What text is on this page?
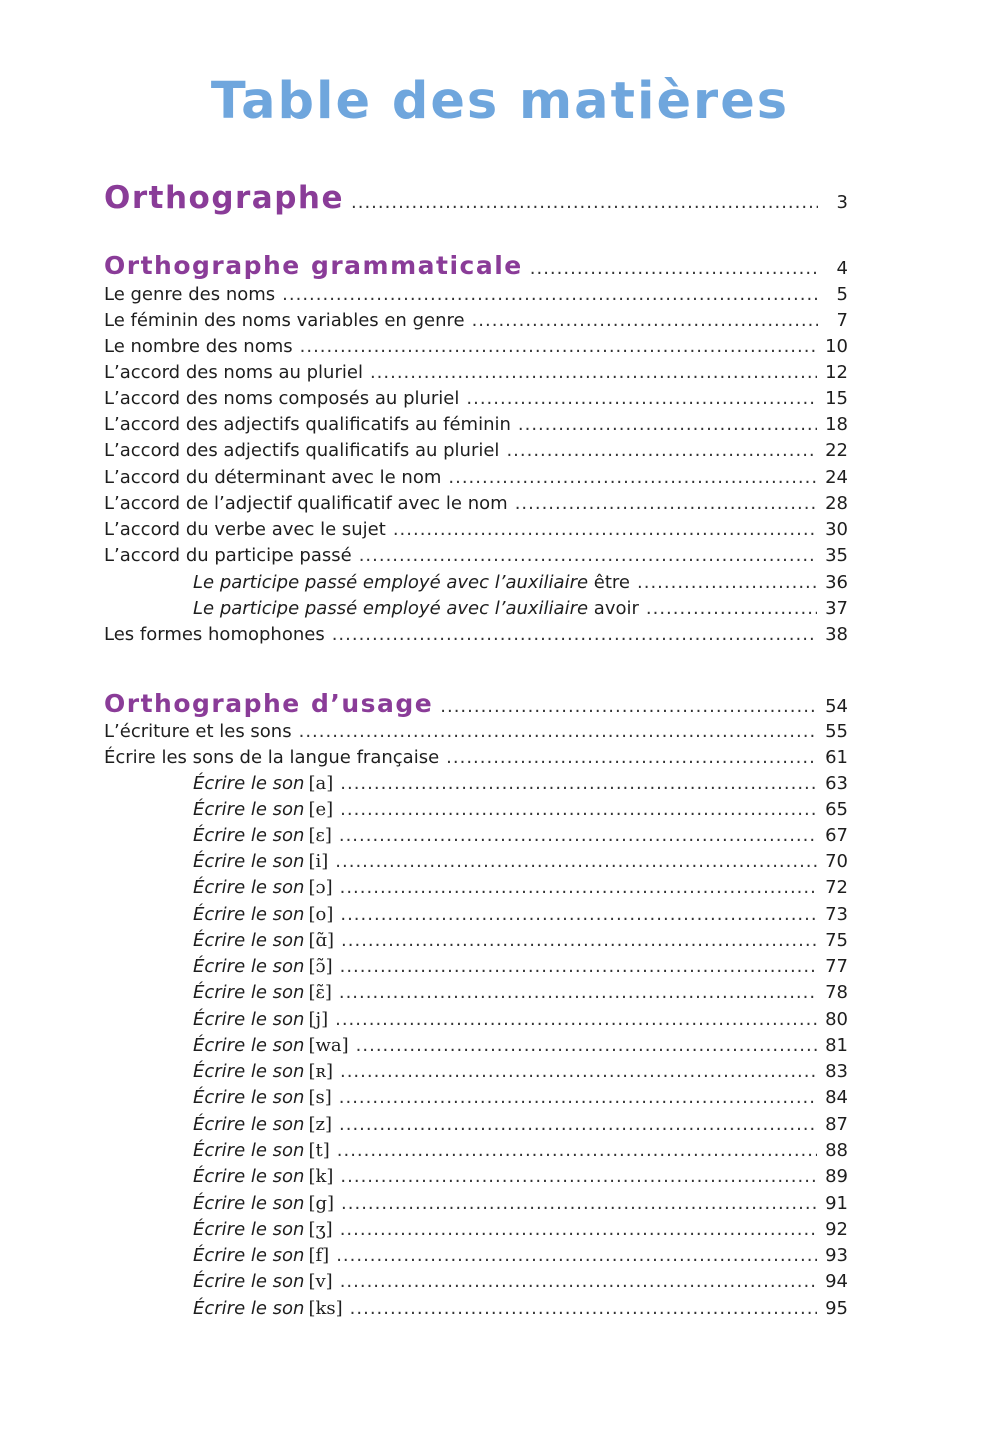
Table des matières
Orthographe .....	3
Orthographe grammaticale .....	4
Le genre des noms .....	5
Le féminin des noms variables en genre .....	7
Le nombre des noms .....	10
L’accord des noms au pluriel .....	12
L’accord des noms composés au pluriel .....	15
L’accord des adjectifs qualificatifs au féminin .....	18
L’accord des adjectifs qualificatifs au pluriel .....	22
L’accord du déterminant avec le nom .....	24
L’accord de l’adjectif qualificatif avec le nom .....	28
L’accord du verbe avec le sujet .....	30
L’accord du participe passé .....	35
Le participe passé employé avec l’auxiliaire être .....	36
Le participe passé employé avec l’auxiliaire avoir .....	37
Les formes homophones .....	38
Orthographe d’usage .....	54
L’écriture et les sons .....	55
Écrire les sons de la langue française .....	61
Écrire le son [a] .....	63
Écrire le son [e] .....	65
Écrire le son [ɛ] .....	67
Écrire le son [i] .....	70
Écrire le son [ɔ] .....	72
Écrire le son [o] .....	73
Écrire le son [ɑ̃] .....	75
Écrire le son [ɔ̃] .....	77
Écrire le son [ɛ̃] .....	78
Écrire le son [j] .....	80
Écrire le son [wa] .....	81
Écrire le son [ʀ] .....	83
Écrire le son [s] .....	84
Écrire le son [z] .....	87
Écrire le son [t] .....	88
Écrire le son [k] .....	89
Écrire le son [g] .....	91
Écrire le son [ʒ] .....	92
Écrire le son [f] .....	93
Écrire le son [v] .....	94
Écrire le son [ks] .....	95
